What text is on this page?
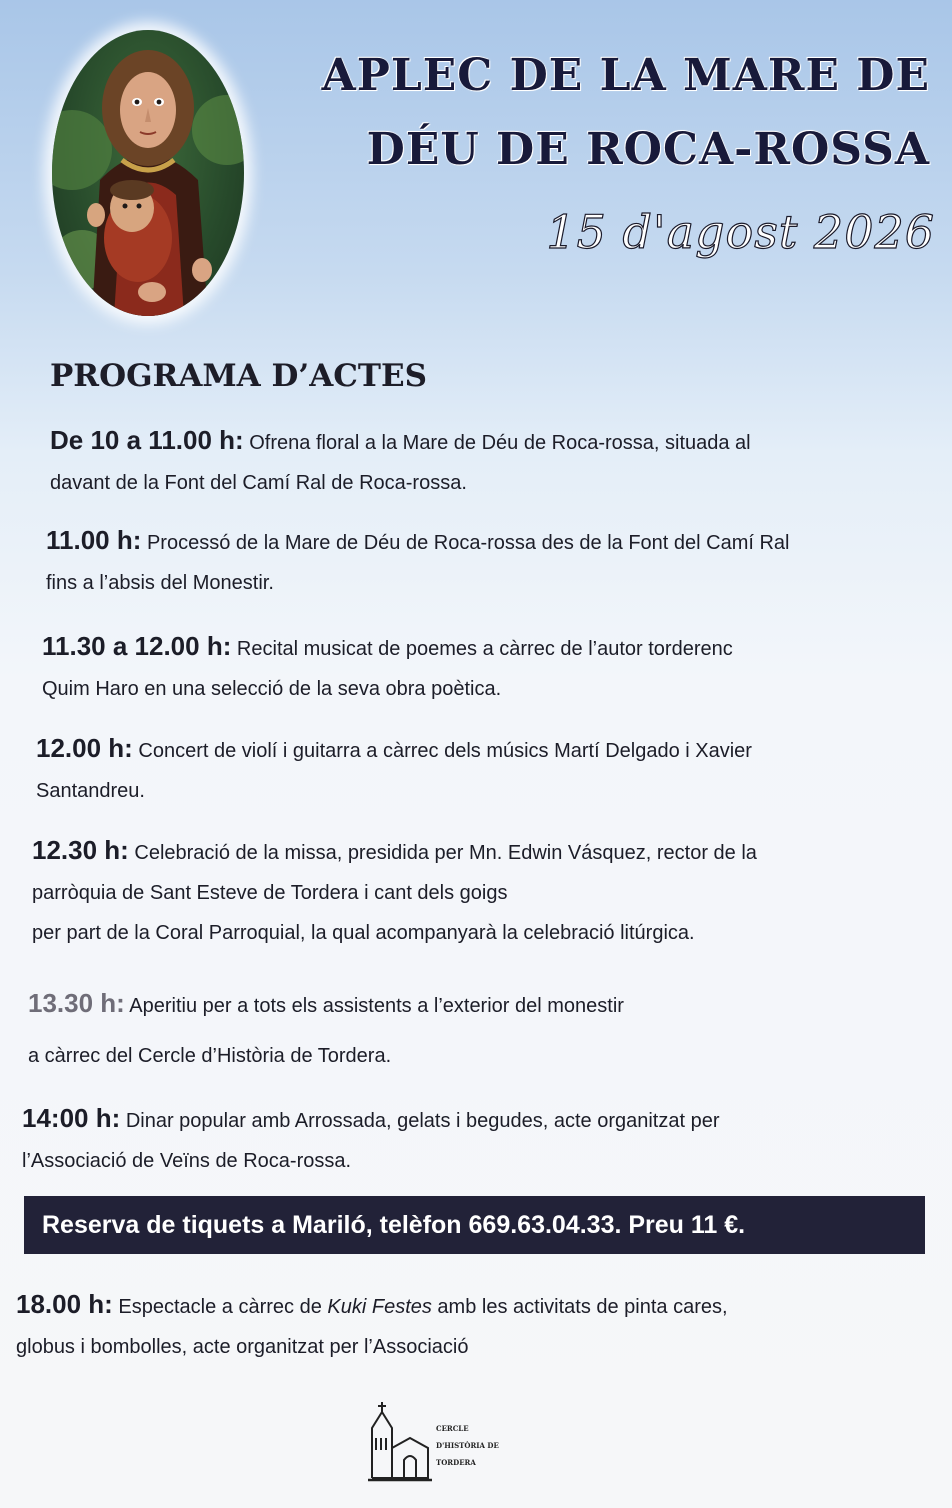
APLEC DE LA MARE DE
DÉU DE ROCA-ROSSA
15 d'agost 2026
PROGRAMA D’ACTES
De 10 a 11.00 h: Ofrena floral a la Mare de Déu de Roca-rossa, situada al
davant de la Font del Camí Ral de Roca-rossa.
11.00 h: Processó de la Mare de Déu de Roca-rossa des de la Font del Camí Ral
fins a l’absis del Monestir.
11.30 a 12.00 h: Recital musicat de poemes a càrrec de l’autor torderenc
Quim Haro en una selecció de la seva obra poètica.
12.00 h: Concert de violí i guitarra a càrrec dels músics Martí Delgado i Xavier
Santandreu.
12.30 h: Celebració de la missa, presidida per Mn. Edwin Vásquez, rector de la
parròquia de Sant Esteve de Tordera i cant dels goigs
per part de la Coral Parroquial, la qual acompanyarà la celebració litúrgica.
13.30 h: Aperitiu per a tots els assistents a l’exterior del monestir
a càrrec del Cercle d’Història de Tordera.
14:00 h: Dinar popular amb Arrossada, gelats i begudes, acte organitzat per
l’Associació de Veïns de Roca-rossa.
Reserva de tiquets a Mariló, telèfon 669.63.04.33. Preu 11 €.
18.00 h: Espectacle a càrrec de Kuki Festes amb les activitats de pinta cares,
globus i bombolles, acte organitzat per l’Associació
CERCLE
D'HISTÒRIA DE
TORDERA
